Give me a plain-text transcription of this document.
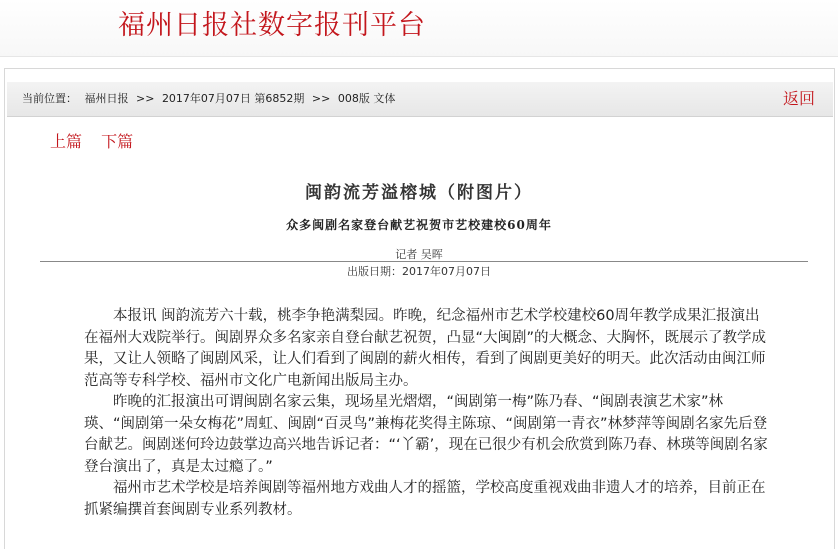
福州日报社数字报刊平台
当前位置： 福州日报 >> 2017年07月07日 第6852期 >> 008版 文体	返回
上篇 下篇
闽韵流芳溢榕城（附图片）
众多闽剧名家登台献艺祝贺市艺校建校60周年
记者 吴晖
出版日期：2017年07月07日

本报讯 闽韵流芳六十载，桃李争艳满梨园。昨晚，纪念福州市艺术学校建校60周年教学成果汇报演出在福州大戏院举行。闽剧界众多名家亲自登台献艺祝贺，凸显“大闽剧”的大概念、大胸怀，既展示了教学成果，又让人领略了闽剧风采，让人们看到了闽剧的薪火相传，看到了闽剧更美好的明天。此次活动由闽江师范高等专科学校、福州市文化广电新闻出版局主办。

昨晚的汇报演出可谓闽剧名家云集，现场星光熠熠，“闽剧第一梅”陈乃春、“闽剧表演艺术家”林瑛、“闽剧第一朵女梅花”周虹、闽剧“百灵鸟”兼梅花奖得主陈琼、“闽剧第一青衣”林梦萍等闽剧名家先后登台献艺。闽剧迷何玲边鼓掌边高兴地告诉记者：“‘丫霸’，现在已很少有机会欣赏到陈乃春、林瑛等闽剧名家登台演出了，真是太过瘾了。”

福州市艺术学校是培养闽剧等福州地方戏曲人才的摇篮，学校高度重视戏曲非遗人才的培养，目前正在抓紧编撰首套闽剧专业系列教材。
